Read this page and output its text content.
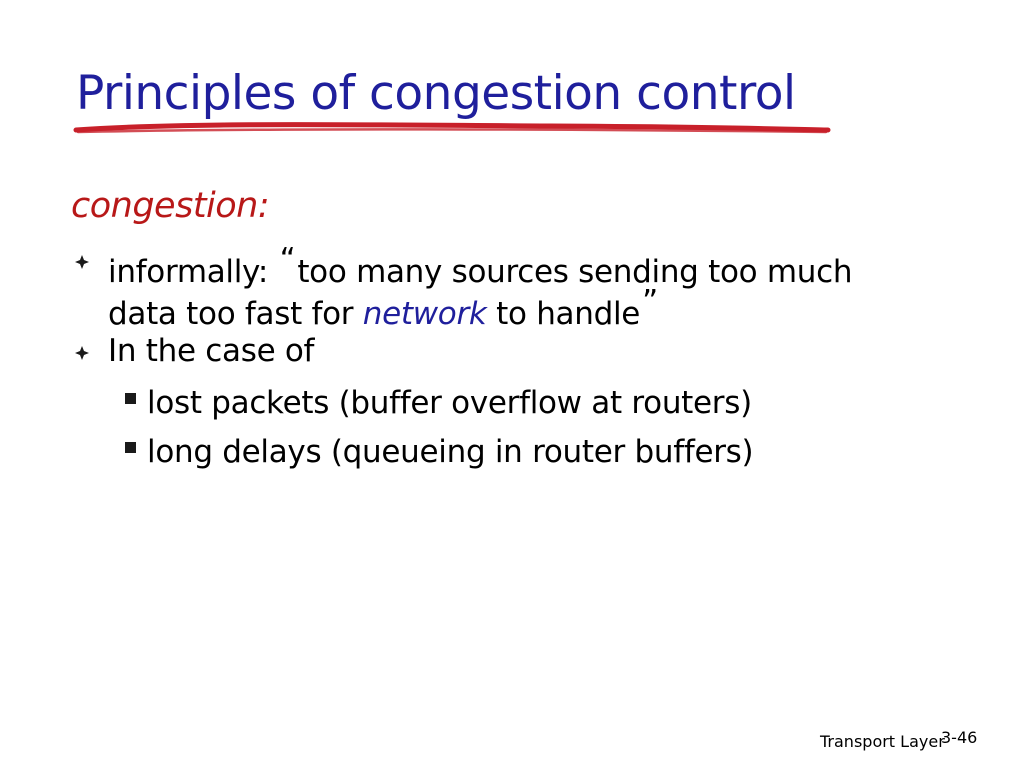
Principles of congestion control
congestion:
informally: “too many sources sending too much
data too fast for network to handle”
In the case of
lost packets (buffer overflow at routers)
long delays (queueing in router buffers)
Transport Layer
3-46
